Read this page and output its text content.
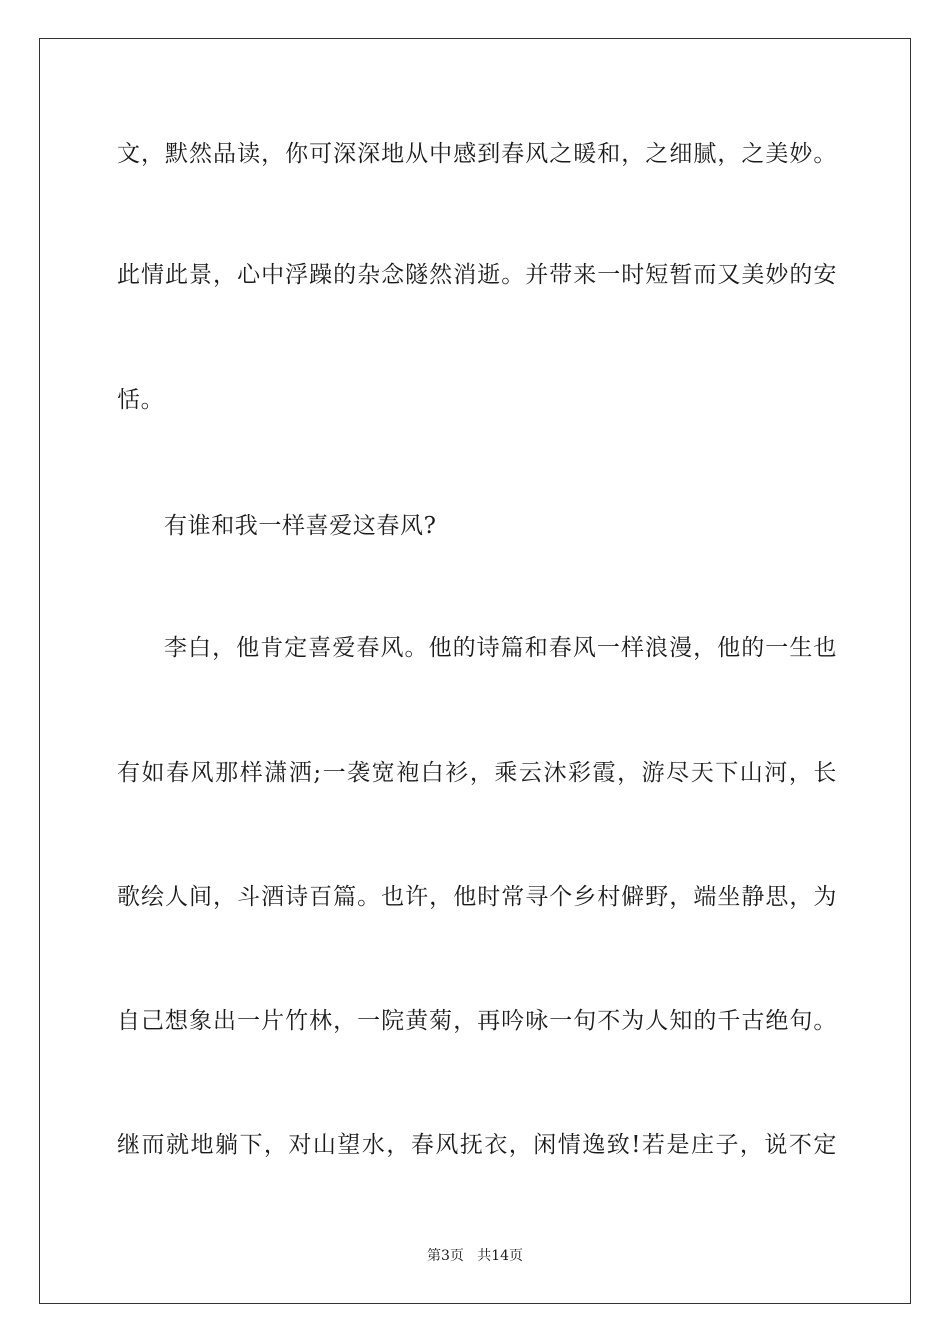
文，默然品读，你可深深地从中感到春风之暖和，之细腻，之美妙。
此情此景，心中浮躁的杂念隧然消逝。并带来一时短暂而又美妙的安
恬。
有谁和我一样喜爱这春风?
李白，他肯定喜爱春风。他的诗篇和春风一样浪漫，他的一生也
有如春风那样潇洒;一袭宽袍白衫，乘云沐彩霞，游尽天下山河，长
歌绘人间，斗酒诗百篇。也许，他时常寻个乡村僻野，端坐静思，为
自己想象出一片竹林，一院黄菊，再吟咏一句不为人知的千古绝句。
继而就地躺下，对山望水，春风抚衣，闲情逸致!若是庄子，说不定
第3页   共14页
